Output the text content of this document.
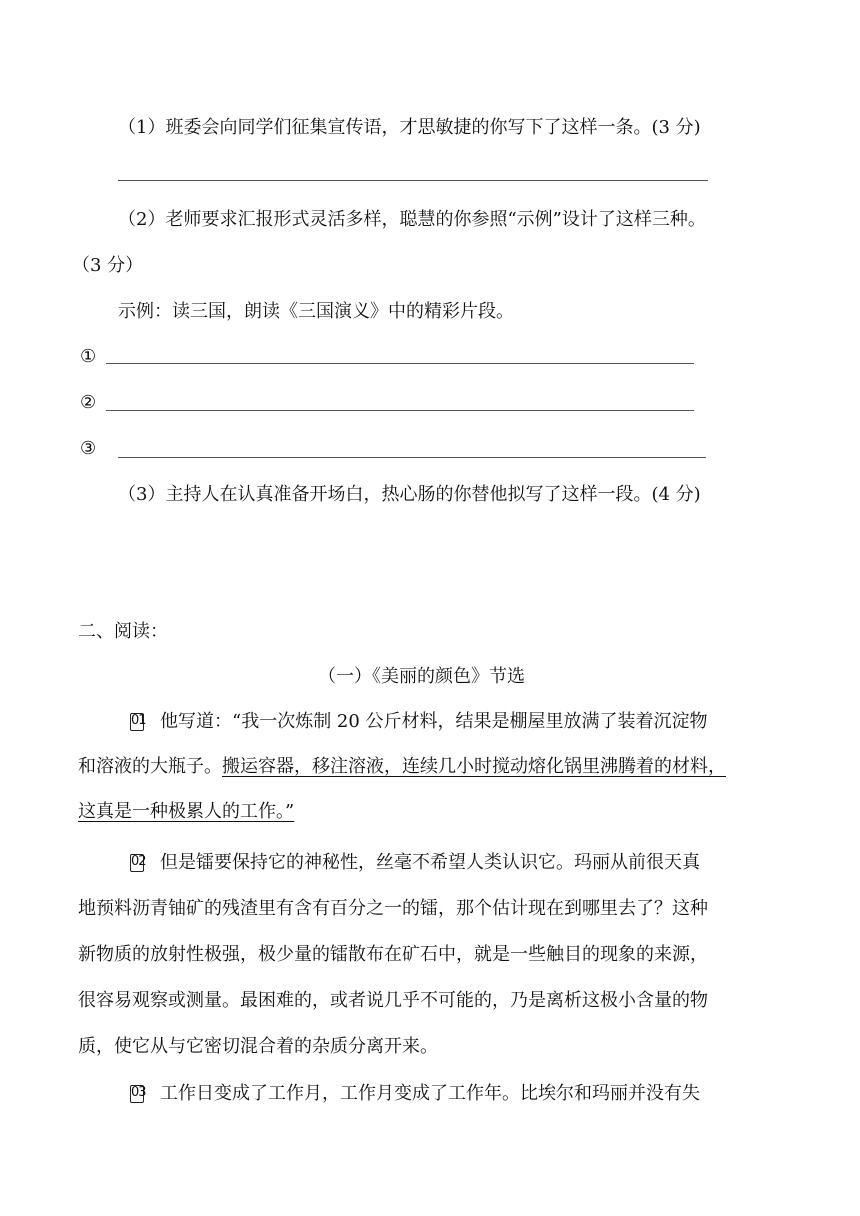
（1）班委会向同学们征集宣传语，才思敏捷的你写下了这样一条。(3 分)
（2）老师要求汇报形式灵活多样，聪慧的你参照“示例”设计了这样三种。
（3 分）
示例：读三国，朗读《三国演义》中的精彩片段。
①
②
③
（3）主持人在认真准备开场白，热心肠的你替他拟写了这样一段。(4 分)
二、阅读：
（一）《美丽的颜色》节选
01 他写道：“我一次炼制 20 公斤材料，结果是棚屋里放满了装着沉淀物
和溶液的大瓶子。搬运容器，移注溶液，连续几小时搅动熔化锅里沸腾着的材料，
这真是一种极累人的工作。”
02 但是镭要保持它的神秘性，丝毫不希望人类认识它。玛丽从前很天真
地预料沥青铀矿的残渣里有含有百分之一的镭，那个估计现在到哪里去了？这种
新物质的放射性极强，极少量的镭散布在矿石中，就是一些触目的现象的来源，
很容易观察或测量。最困难的，或者说几乎不可能的，乃是离析这极小含量的物
质，使它从与它密切混合着的杂质分离开来。
03 工作日变成了工作月，工作月变成了工作年。比埃尔和玛丽并没有失
